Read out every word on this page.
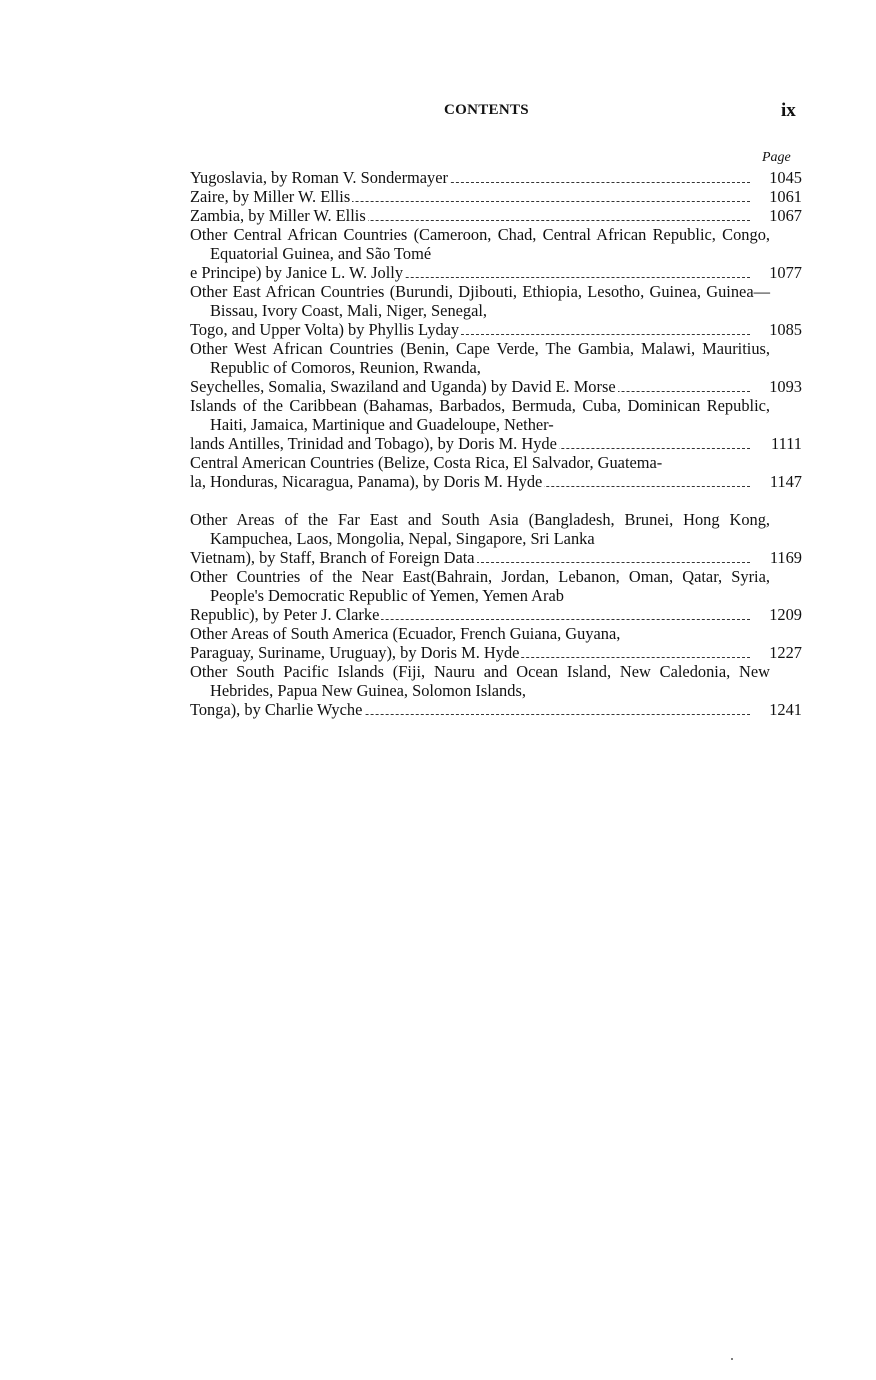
CONTENTS	ix
Page
Yugoslavia, by Roman V. Sondermayer	1045
Zaire, by Miller W. Ellis	1061
Zambia, by Miller W. Ellis	1067
Other Central African Countries (Cameroon, Chad, Central African Republic, Congo, Equatorial Guinea, and São Tomé
e Principe) by Janice L. W. Jolly	1077
Other East African Countries (Burundi, Djibouti, Ethiopia, Lesotho, Guinea, Guinea—Bissau, Ivory Coast, Mali, Niger, Senegal,
Togo, and Upper Volta) by Phyllis Lyday	1085
Other West African Countries (Benin, Cape Verde, The Gambia, Malawi, Mauritius, Republic of Comoros, Reunion, Rwanda,
Seychelles, Somalia, Swaziland and Uganda) by David E. Morse	1093
Islands of the Caribbean (Bahamas, Barbados, Bermuda, Cuba, Dominican Republic, Haiti, Jamaica, Martinique and Guadeloupe, Nether-
lands Antilles, Trinidad and Tobago), by Doris M. Hyde	1111
Central American Countries (Belize, Costa Rica, El Salvador, Guatema-
la, Honduras, Nicaragua, Panama), by Doris M. Hyde	1147
Other Areas of the Far East and South Asia (Bangladesh, Brunei, Hong Kong, Kampuchea, Laos, Mongolia, Nepal, Singapore, Sri Lanka
Vietnam), by Staff, Branch of Foreign Data	1169
Other Countries of the Near East(Bahrain, Jordan, Lebanon, Oman, Qatar, Syria, People's Democratic Republic of Yemen, Yemen Arab
Republic), by Peter J. Clarke	1209
Other Areas of South America (Ecuador, French Guiana, Guyana,
Paraguay, Suriname, Uruguay), by Doris M. Hyde	1227
Other South Pacific Islands (Fiji, Nauru and Ocean Island, New Caledonia, New Hebrides, Papua New Guinea, Solomon Islands,
Tonga), by Charlie Wyche	1241
